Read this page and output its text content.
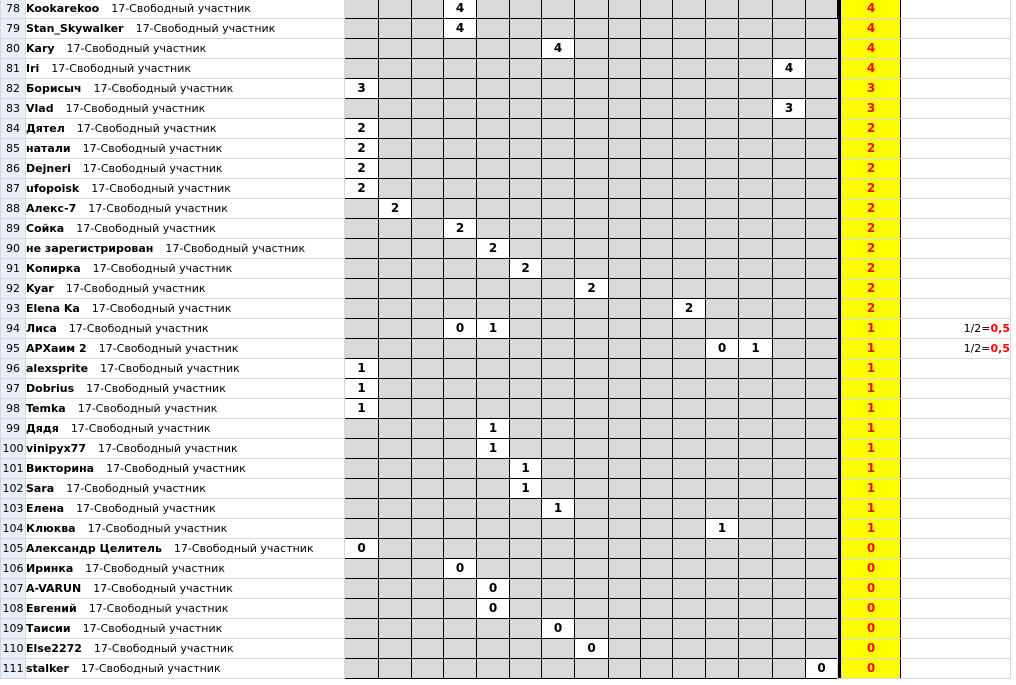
78	Kookarekoo 17-Свободный участник				4													4	
79	Stan_Skywalker 17-Свободный участник				4													4	
80	Kary 17-Свободный участник							4										4	
81	Iri 17-Свободный участник														4			4	
82	Борисыч 17-Свободный участник	3																3	
83	Vlad 17-Свободный участник														3			3	
84	Дятел 17-Свободный участник	2																2	
85	натали 17-Свободный участник	2																2	
86	Dejneri 17-Свободный участник	2																2	
87	ufopoisk 17-Свободный участник	2																2	
88	Алекс-7 17-Свободный участник		2															2	
89	Сойка 17-Свободный участник				2													2	
90	не зарегистрирован 17-Свободный участник					2												2	
91	Копирка 17-Свободный участник						2											2	
92	Kyar 17-Свободный участник								2									2	
93	Elena Ka 17-Свободный участник											2						2	
94	Лиса 17-Свободный участник				0	1												1	1/2=0,5
95	АРХаим 2 17-Свободный участник												0	1				1	1/2=0,5
96	alexsprite 17-Свободный участник	1																1	
97	Dobrius 17-Свободный участник	1																1	
98	Temka 17-Свободный участник	1																1	
99	Дядя 17-Свободный участник					1												1	
100	vinipyx77 17-Свободный участник					1												1	
101	Викторина 17-Свободный участник						1											1	
102	Sara 17-Свободный участник						1											1	
103	Елена 17-Свободный участник							1										1	
104	Клюква 17-Свободный участник												1					1	
105	Александр Целитель 17-Свободный участник	0																0	
106	Иринка 17-Свободный участник				0													0	
107	A-VARUN 17-Свободный участник					0												0	
108	Евгений 17-Свободный участник					0												0	
109	Таисии 17-Свободный участник							0										0	
110	Else2272 17-Свободный участник								0									0	
111	stalker 17-Свободный участник															0		0	
